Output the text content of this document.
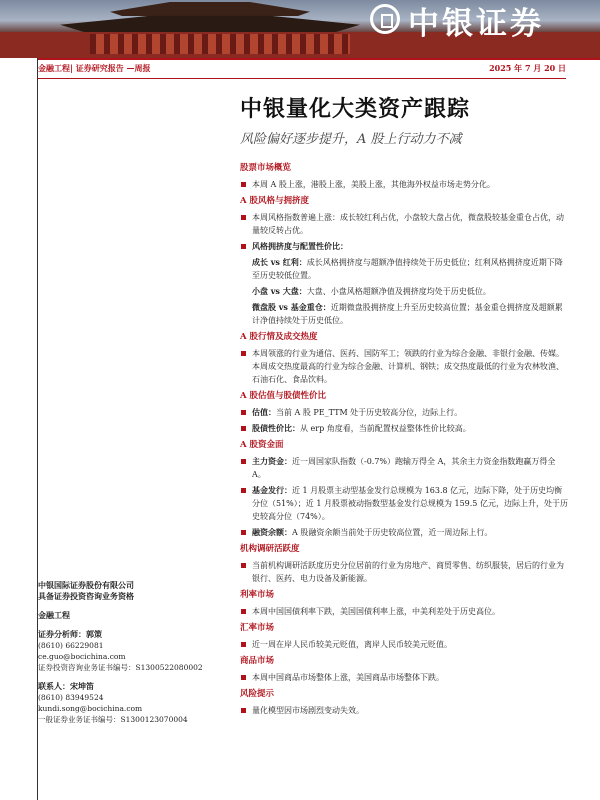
中银证券
金融工程| 证券研究报告 —周报	2025 年 7 月 20 日
中银量化大类资产跟踪
风险偏好逐步提升，A 股上行动力不减
股票市场概览
本周 A 股上涨，港股上涨，美股上涨，其他海外权益市场走势分化。
A 股风格与拥挤度
本周风格指数普遍上涨：成长较红利占优，小盘较大盘占优，微盘股较基金重仓占优，动量较反转占优。
风格拥挤度与配置性价比：
成长 vs 红利：成长风格拥挤度与超额净值持续处于历史低位；红利风格拥挤度近期下降至历史较低位置。
小盘 vs 大盘：大盘、小盘风格超额净值及拥挤度均处于历史低位。
微盘股 vs 基金重仓：近期微盘股拥挤度上升至历史较高位置；基金重仓拥挤度及超额累计净值持续处于历史低位。
A 股行情及成交热度
本周领涨的行业为通信、医药、国防军工；领跌的行业为综合金融、非银行金融、传媒。本周成交热度最高的行业为综合金融、计算机、钢铁；成交热度最低的行业为农林牧渔、石油石化、食品饮料。
A 股估值与股债性价比
估值：当前 A 股 PE_TTM 处于历史较高分位，边际上行。
股债性价比：从 erp 角度看，当前配置权益整体性价比较高。
A 股资金面
主力资金：近一周国家队指数（-0.7%）跑输万得全 A，其余主力资金指数跑赢万得全 A。
基金发行：近 1 月股票主动型基金发行总规模为 163.8 亿元，边际下降，处于历史均衡分位（51%）；近 1 月股票被动指数型基金发行总规模为 159.5 亿元，边际上升，处于历史较高分位（74%）。
融资余额：A 股融资余额当前处于历史较高位置，近一周边际上行。
机构调研活跃度
当前机构调研活跃度历史分位居前的行业为房地产、商贸零售、纺织服装，居后的行业为银行、医药、电力设备及新能源。
利率市场
本周中国国债利率下跌，美国国债利率上涨，中美利差处于历史高位。
汇率市场
近一周在岸人民币较美元贬值，离岸人民币较美元贬值。
商品市场
本周中国商品市场整体上涨，美国商品市场整体下跌。
风险提示
量化模型因市场剧烈变动失效。
中银国际证券股份有限公司
具备证券投资咨询业务资格
金融工程
证券分析师：郭策
(8610) 66229081
ce.guo@bocichina.com
证券投资咨询业务证书编号：S1300522080002
联系人：宋坤笛
(8610) 83949524
kundi.song@bocichina.com
一般证券业务证书编号：S1300123070004
